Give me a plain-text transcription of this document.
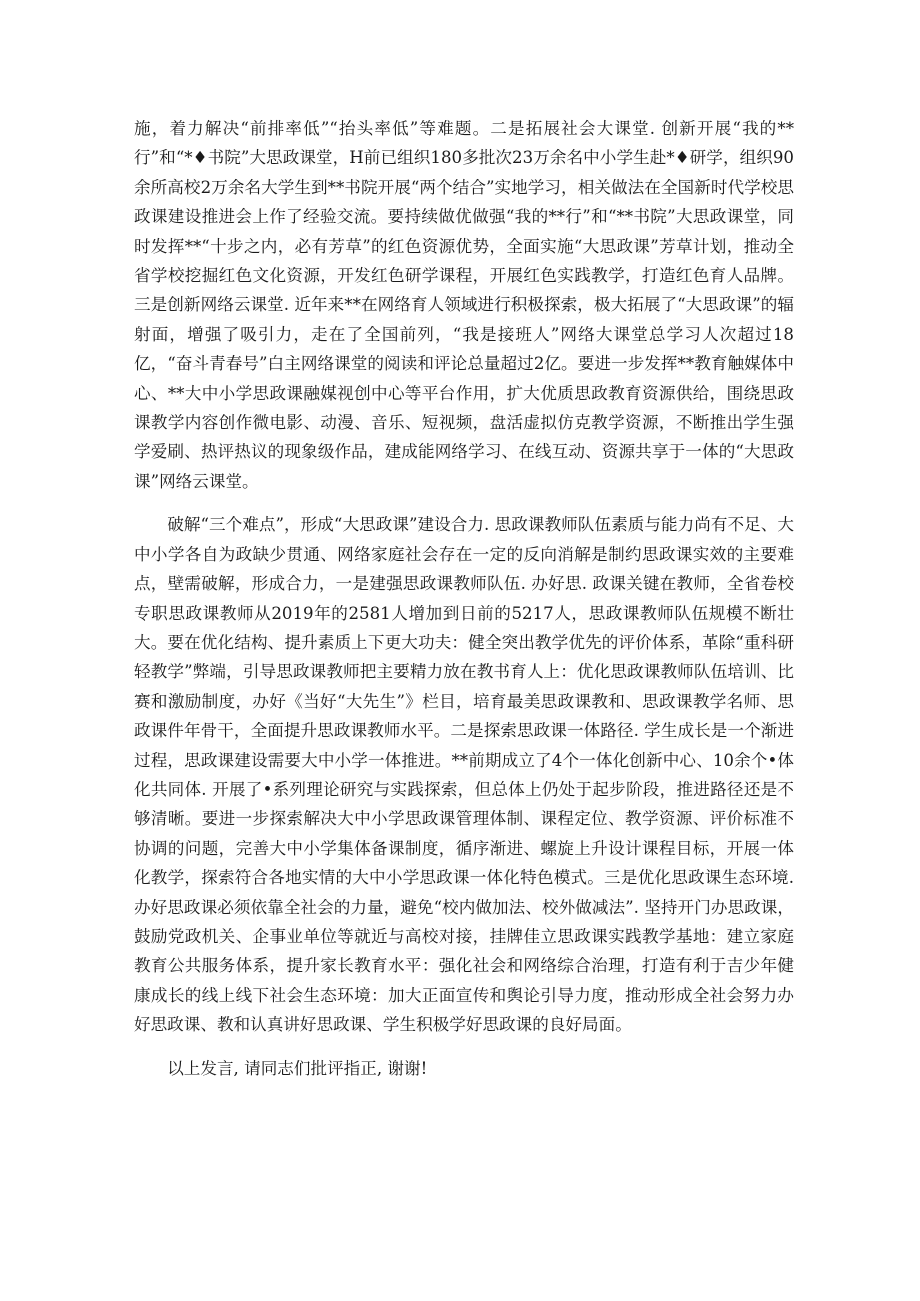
施，着力解决“前排率低”“抬头率低”等难题。二是拓展社会大课堂. 创新开展“我的**行”和“*♦书院”大思政课堂，H前已组织180多批次23万余名中小学生赴*♦研学，组织90余所高校2万余名大学生到**书院开展“两个结合”实地学习，相关做法在全国新时代学校思政课建设推进会上作了经验交流。要持续做优做强“我的**行”和“**书院”大思政课堂，同时发挥**“十步之内，必有芳草”的红色资源优势，全面实施“大思政课”芳草计划，推动全省学校挖掘红色文化资源，开发红色研学课程，开展红色实践教学，打造红色育人品牌。三是创新网络云课堂. 近年来**在网络育人领域进行积极探索，极大拓展了“大思政课”的辐射面，增强了吸引力，走在了全国前列，“我是接班人”网络大课堂总学习人次超过18亿，“奋斗青春号”白主网络课堂的阅读和评论总量超过2亿。要进一步发挥**教育触媒体中心、**大中小学思政课融媒视创中心等平台作用，扩大优质思政教育资源供给，围绕思政课教学内容创作微电影、动漫、音乐、短视频，盘活虚拟仿克教学资源，不断推出学生强学爱刷、热评热议的现象级作品，建成能网络学习、在线互动、资源共享于一体的“大思政课”网络云课堂。

破解“三个难点”，形成“大思政课”建设合力. 思政课教师队伍素质与能力尚有不足、大中小学各自为政缺少贯通、网络家庭社会存在一定的反向消解是制约思政课实效的主要难点，壁需破解，形成合力，一是建强思政课教师队伍. 办好思. 政课关键在教师，全省卷校专职思政课教师从2019年的2581人增加到日前的5217人，思政课教师队伍规模不断壮大。要在优化结构、提升素质上下更大功夫：健全突出教学优先的评价体系，革除“重科研轻教学”弊端，引导思政课教师把主要精力放在教书育人上：优化思政课教师队伍培训、比赛和激励制度，办好《当好“大先生”》栏目，培育最美思政课教和、思政课教学名师、思政课件年骨干，全面提升思政课教师水平。二是探索思政课一体路径. 学生成长是一个渐进过程，思政课建设需要大中小学一体推进。**前期成立了4个一体化创新中心、10余个•体化共同体. 开展了•系列理论研究与实践探索，但总体上仍处于起步阶段，推进路径还是不够清晰。要进一步探索解决大中小学思政课管理体制、课程定位、教学资源、评价标准不协调的问题，完善大中小学集体备课制度，循序渐进、螺旋上升设计课程目标，开展一体化教学，探索符合各地实情的大中小学思政课一体化特色模式。三是优化思政课生态环境. 办好思政课必须依靠全社会的力量，避免“校内做加法、校外做减法”. 坚持开门办思政课，鼓励党政机关、企事业单位等就近与高校对接，挂牌佳立思政课实践教学基地：建立家庭教育公共服务体系，提升家长教育水平：强化社会和网络综合治理，打造有利于吉少年健康成长的线上线下社会生态环境：加大正面宣传和舆论引导力度，推动形成全社会努力办好思政课、教和认真讲好思政课、学生积极学好思政课的良好局面。

以上发言, 请同志们批评指正, 谢谢!
